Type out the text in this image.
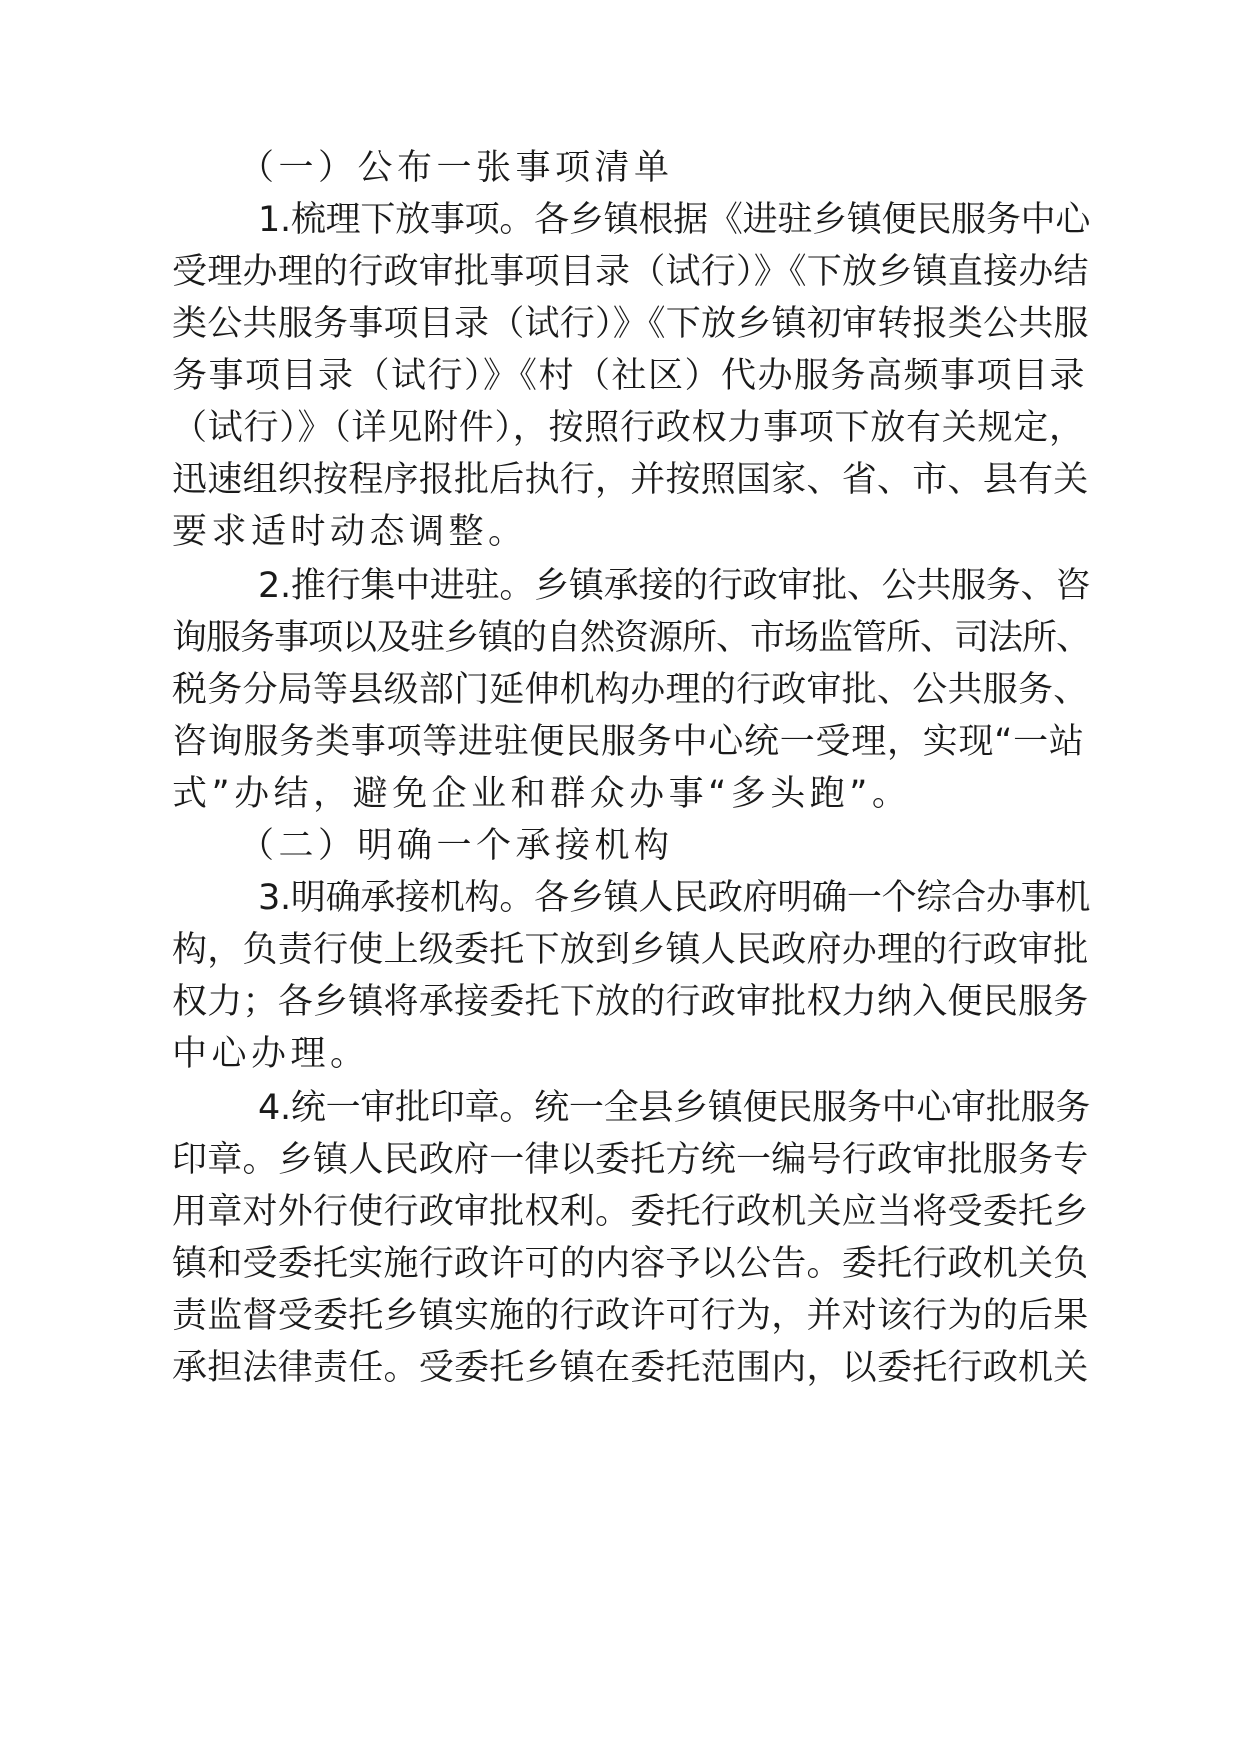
（一）公布一张事项清单
1.梳理下放事项。各乡镇根据《进驻乡镇便民服务中心
受理办理的行政审批事项目录（试行）》《下放乡镇直接办结
类公共服务事项目录（试行）》《下放乡镇初审转报类公共服
务事项目录（试行）》《村（社区）代办服务高频事项目录
（试行）》（详见附件），按照行政权力事项下放有关规定，
迅速组织按程序报批后执行，并按照国家、省、市、县有关
要求适时动态调整。
2.推行集中进驻。乡镇承接的行政审批、公共服务、咨
询服务事项以及驻乡镇的自然资源所、市场监管所、司法所、
税务分局等县级部门延伸机构办理的行政审批、公共服务、
咨询服务类事项等进驻便民服务中心统一受理，实现“一站
式”办结，避免企业和群众办事“多头跑”。
（二）明确一个承接机构
3.明确承接机构。各乡镇人民政府明确一个综合办事机
构，负责行使上级委托下放到乡镇人民政府办理的行政审批
权力；各乡镇将承接委托下放的行政审批权力纳入便民服务
中心办理。
4.统一审批印章。统一全县乡镇便民服务中心审批服务
印章。乡镇人民政府一律以委托方统一编号行政审批服务专
用章对外行使行政审批权利。委托行政机关应当将受委托乡
镇和受委托实施行政许可的内容予以公告。委托行政机关负
责监督受委托乡镇实施的行政许可行为，并对该行为的后果
承担法律责任。受委托乡镇在委托范围内，以委托行政机关
